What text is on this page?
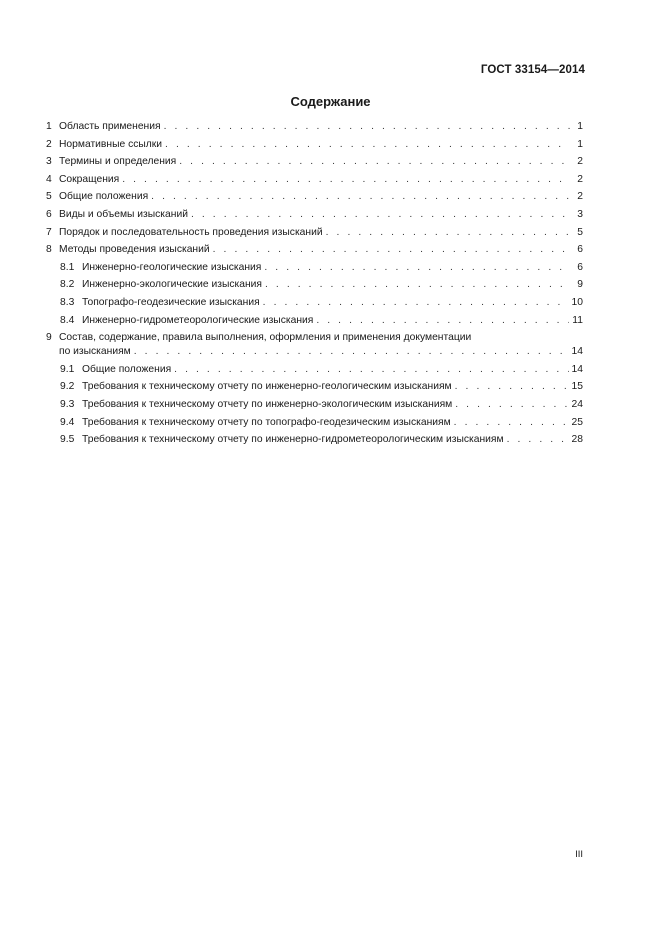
ГОСТ 33154—2014
Содержание
1 Область применения . . .	1
2 Нормативные ссылки . . .	1
3 Термины и определения . . .	2
4 Сокращения . . .	2
5 Общие положения . . .	2
6 Виды и объемы изысканий . . .	3
7 Порядок и последовательность проведения изысканий . . .	5
8 Методы проведения изысканий . . .	6
8.1 Инженерно-геологические изыскания . . .	6
8.2 Инженерно-экологические изыскания . . .	9
8.3 Топографо-геодезические изыскания . . .	10
8.4 Инженерно-гидрометеорологические изыскания . . .	11
9 Состав, содержание, правила выполнения, оформления и применения документации
по изысканиям . . .	14
9.1 Общие положения . . .	14
9.2 Требования к техническому отчету по инженерно-геологическим изысканиям . . .	15
9.3 Требования к техническому отчету по инженерно-экологическим изысканиям . . .	24
9.4 Требования к техническому отчету по топографо-геодезическим изысканиям . . .	25
9.5 Требования к техническому отчету по инженерно-гидрометеорологическим изысканиям . . .	28
III
